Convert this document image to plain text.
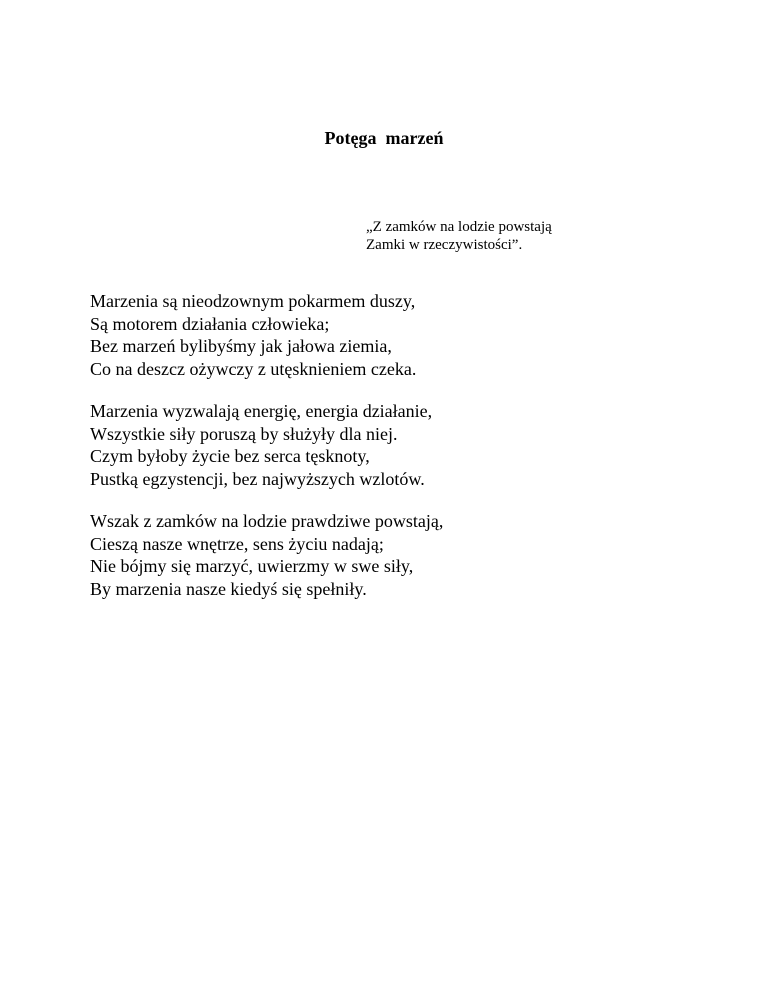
Potęga  marzeń
„Z zamków na lodzie powstają
Zamki w rzeczywistości”.
Marzenia są nieodzownym pokarmem duszy,
Są motorem działania człowieka;
Bez marzeń bylibyśmy jak jałowa ziemia,
Co na deszcz ożywczy z utęsknieniem czeka.
Marzenia wyzwalają energię, energia działanie,
Wszystkie siły poruszą by służyły dla niej.
Czym byłoby życie bez serca tęsknoty,
Pustką egzystencji, bez najwyższych wzlotów.
Wszak z zamków na lodzie prawdziwe powstają,
Cieszą nasze wnętrze, sens życiu nadają;
Nie bójmy się marzyć, uwierzmy w swe siły,
By marzenia nasze kiedyś się spełniły.
